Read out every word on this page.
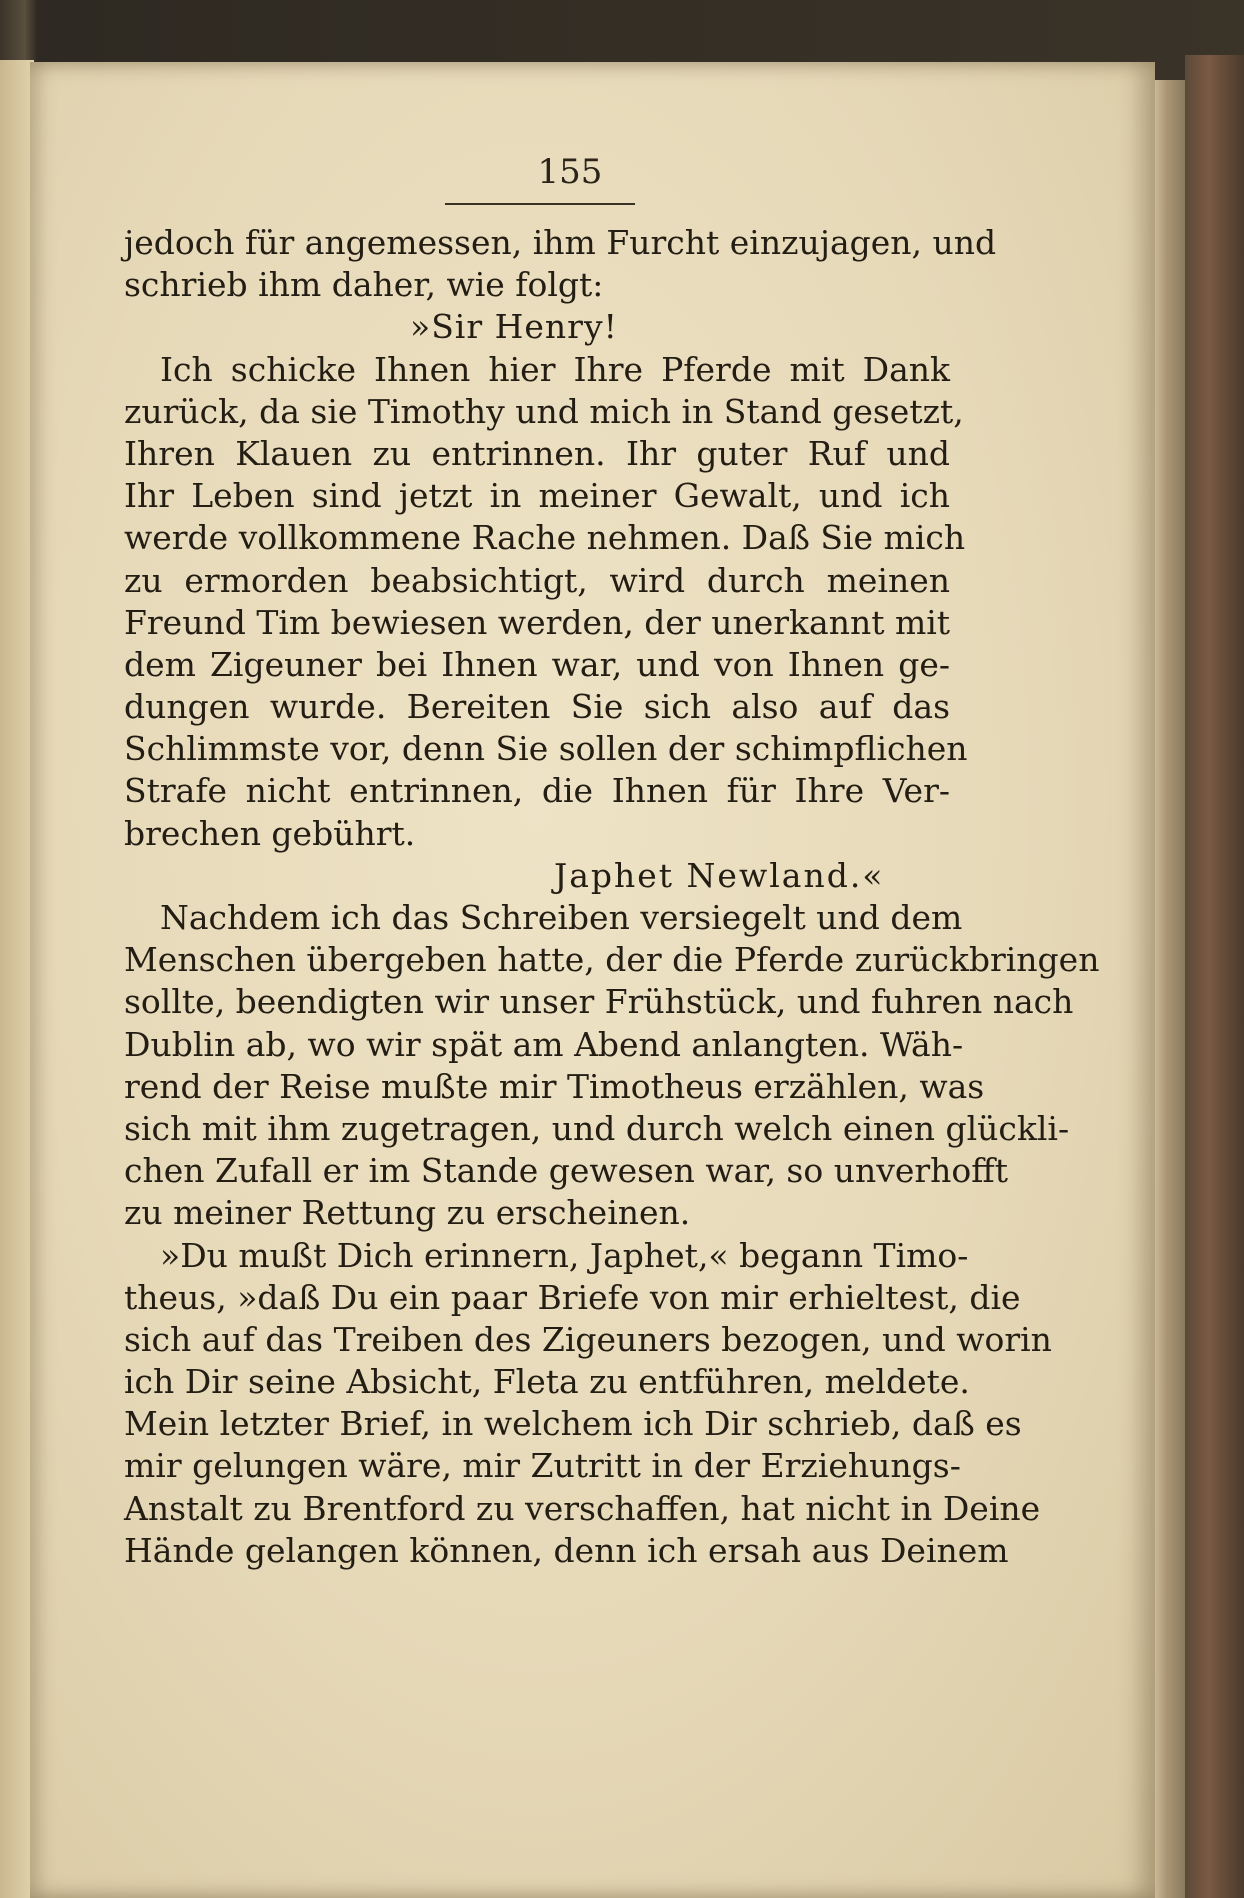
155
jedoch für angemessen, ihm Furcht einzujagen, und
schrieb ihm daher, wie folgt:
»Sir Henry!
Ich schicke Ihnen hier Ihre Pferde mit Dank
zurück, da sie Timothy und mich in Stand gesetzt,
Ihren Klauen zu entrinnen. Ihr guter Ruf und
Ihr Leben sind jetzt in meiner Gewalt, und ich
werde vollkommene Rache nehmen. Daß Sie mich
zu ermorden beabsichtigt, wird durch meinen
Freund Tim bewiesen werden, der unerkannt mit
dem Zigeuner bei Ihnen war, und von Ihnen ge-
dungen wurde. Bereiten Sie sich also auf das
Schlimmste vor, denn Sie sollen der schimpflichen
Strafe nicht entrinnen, die Ihnen für Ihre Ver-
brechen gebührt.
Japhet Newland.«
Nachdem ich das Schreiben versiegelt und dem
Menschen übergeben hatte, der die Pferde zurückbringen
sollte, beendigten wir unser Frühstück, und fuhren nach
Dublin ab, wo wir spät am Abend anlangten. Wäh-
rend der Reise mußte mir Timotheus erzählen, was
sich mit ihm zugetragen, und durch welch einen glückli-
chen Zufall er im Stande gewesen war, so unverhofft
zu meiner Rettung zu erscheinen.
»Du mußt Dich erinnern, Japhet,« begann Timo-
theus, »daß Du ein paar Briefe von mir erhieltest, die
sich auf das Treiben des Zigeuners bezogen, und worin
ich Dir seine Absicht, Fleta zu entführen, meldete.
Mein letzter Brief, in welchem ich Dir schrieb, daß es
mir gelungen wäre, mir Zutritt in der Erziehungs-
Anstalt zu Brentford zu verschaffen, hat nicht in Deine
Hände gelangen können, denn ich ersah aus Deinem
